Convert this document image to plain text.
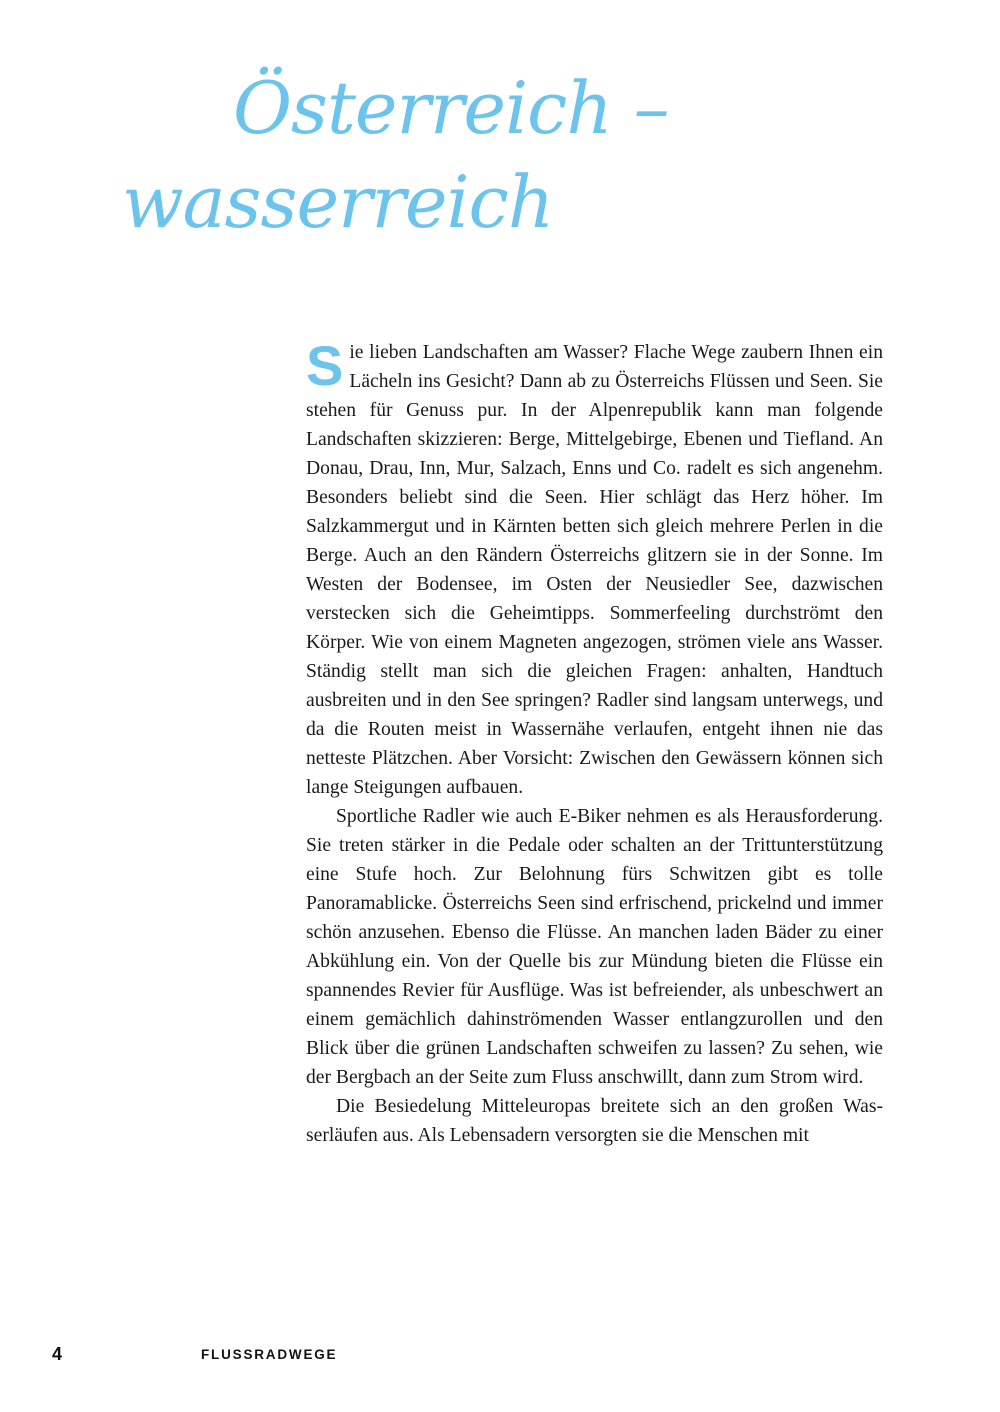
Österreich –
wasserreich

Sie lieben Landschaften am Wasser? Flache Wege zaubern Ihnen ein Lächeln ins Gesicht? Dann ab zu Österreichs Flüssen und Seen. Sie stehen für Genuss pur. In der Alpenrepublik kann man folgende Landschaften skizzieren: Berge, Mittelgebirge, Ebenen und Tiefland. An Donau, Drau, Inn, Mur, Salzach, Enns und Co. radelt es sich angenehm. Besonders beliebt sind die Seen. Hier schlägt das Herz höher. Im Salzkammergut und in Kärnten betten sich gleich mehrere Perlen in die Berge. Auch an den Rändern Österreichs glitzern sie in der Sonne. Im Westen der Bodensee, im Osten der Neusiedler See, dazwischen verstecken sich die Geheimtipps. Sommerfeeling durchströmt den Körper. Wie von einem Magneten angezogen, strömen viele ans Wasser. Ständig stellt man sich die gleichen Fragen: anhalten, Handtuch ausbreiten und in den See springen? Radler sind langsam unterwegs, und da die Routen meist in Wassernähe verlaufen, entgeht ihnen nie das netteste Plätzchen. Aber Vorsicht: Zwischen den Gewässern können sich lange Steigungen aufbauen.

Sportliche Radler wie auch E-Biker nehmen es als Herausforderung. Sie treten stärker in die Pedale oder schalten an der Trittunterstützung eine Stufe hoch. Zur Belohnung fürs Schwitzen gibt es tolle Panoramablicke. Österreichs Seen sind erfrischend, prickelnd und immer schön anzusehen. Ebenso die Flüsse. An manchen laden Bäder zu einer Abkühlung ein. Von der Quelle bis zur Mündung bieten die Flüsse ein spannendes Revier für Ausflüge. Was ist befreiender, als unbeschwert an einem gemächlich dahinströmenden Wasser entlangzurollen und den Blick über die grünen Landschaften schweifen zu lassen? Zu sehen, wie der Bergbach an der Seite zum Fluss anschwillt, dann zum Strom wird.

Die Besiedelung Mitteleuropas breitete sich an den großen Wasserläufen aus. Als Lebensadern versorgten sie die Menschen mit

4	FLUSSRADWEGE
